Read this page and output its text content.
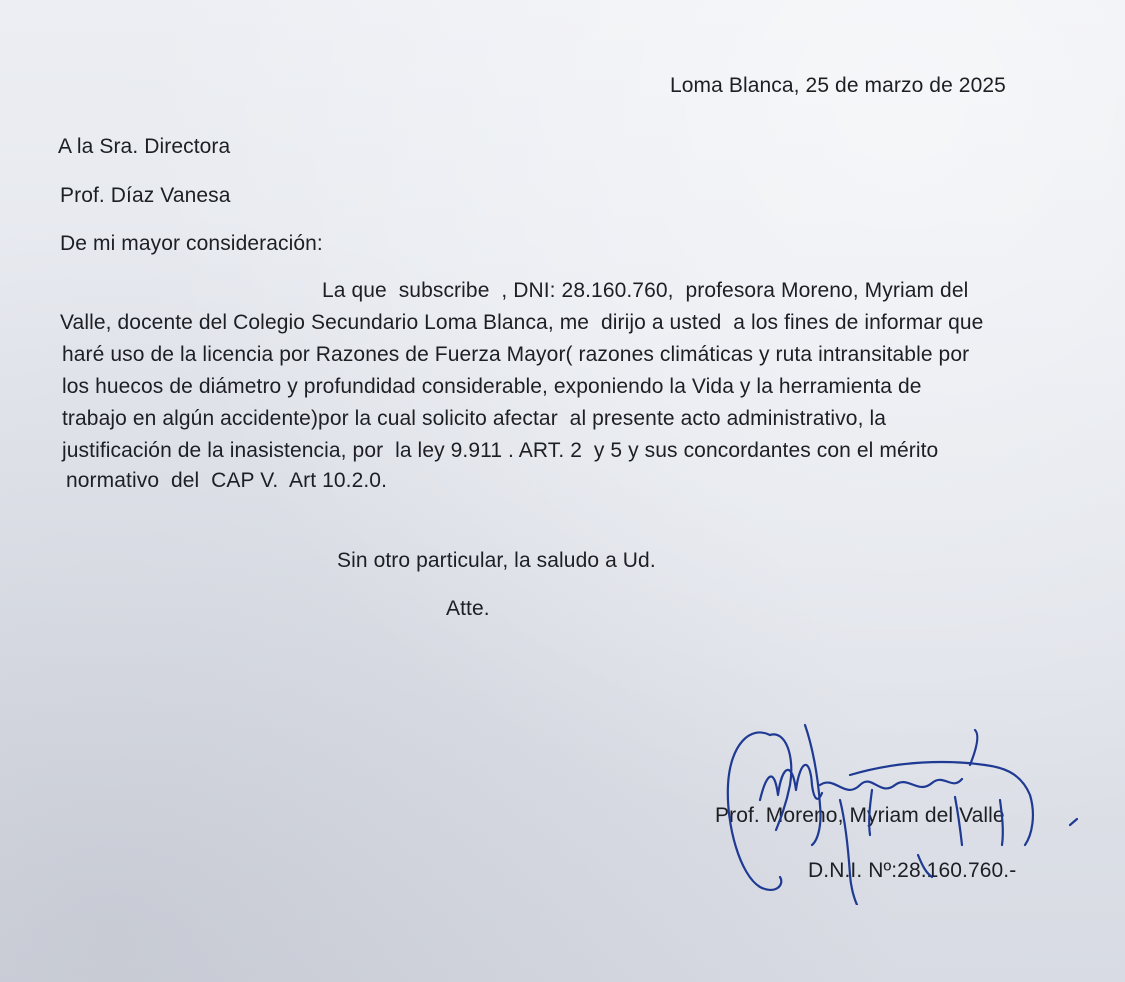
Loma Blanca, 25 de marzo de 2025
A la Sra. Directora
Prof. Díaz Vanesa
De mi mayor consideración:
La que  subscribe  , DNI: 28.160.760,  profesora Moreno, Myriam del
Valle, docente del Colegio Secundario Loma Blanca, me  dirijo a usted  a los fines de informar que
haré uso de la licencia por Razones de Fuerza Mayor( razones climáticas y ruta intransitable por
los huecos de diámetro y profundidad considerable, exponiendo la Vida y la herramienta de
trabajo en algún accidente)por la cual solicito afectar  al presente acto administrativo, la
justificación de la inasistencia, por  la ley 9.911 . ART. 2  y 5 y sus concordantes con el mérito
normativo  del  CAP V.  Art 10.2.0.
Sin otro particular, la saludo a Ud.
Atte.
Prof. Moreno, Myriam del Valle
D.N.I. Nº:28.160.760.-
